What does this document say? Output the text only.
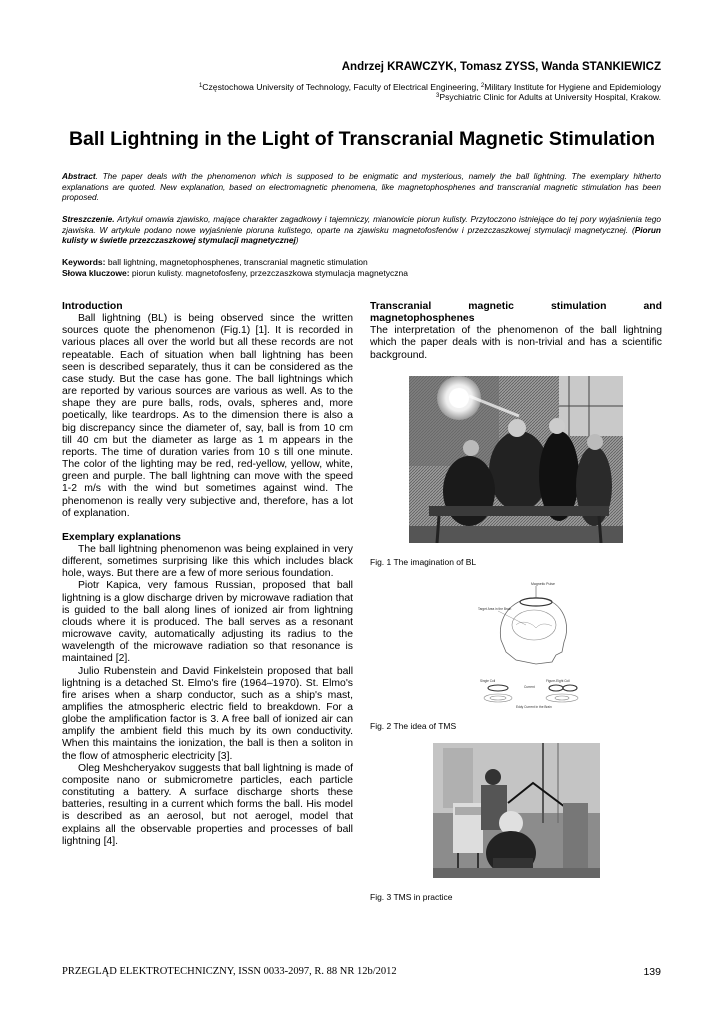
Andrzej KRAWCZYK, Tomasz ZYSS, Wanda STANKIEWICZ
$^1$Częstochowa University of Technology, Faculty of Electrical Engineering, $^2$Military Institute for Hygiene and Epidemiology
$^3$Psychiatric Clinic for Adults at University Hospital, Krakow.
Ball Lightning in the Light of Transcranial Magnetic Stimulation
Abstract. The paper deals with the phenomenon which is supposed to be enigmatic and mysterious, namely the ball lightning. The exemplary hitherto explanations are quoted. New explanation, based on electromagnetic phenomena, like magnetophosphenes and transcranial magnetic stimulation has been proposed.
Streszczenie. Artykuł omawia zjawisko, mające charakter zagadkowy i tajemniczy, mianowicie piorun kulisty. Przytoczono istniejące do tej pory wyjaśnienia tego zjawiska. W artykule podano nowe wyjaśnienie pioruna kulistego, oparte na zjawisku magnetofosfenów i przezczaszkowej stymulacji magnetycznej. (Piorun kulisty w świetle przezczaszkowej stymulacji magnetycznej)
Keywords: ball lightning, magnetophosphenes, transcranial magnetic stimulation
Słowa kluczowe: piorun kulisty. magnetofosfeny, przezczaszkowa stymulacja magnetyczna

Introduction

Ball lightning (BL) is being observed since the written sources quote the phenomenon (Fig.1) [1]. It is recorded in various places all over the world but all these records are not repeatable. Each of situation when ball lightning has been seen is described separately, thus it can be considered as the case study. But the case has gone. The ball lightnings which are reported by various sources are various as well. As to the shape they are pure balls, rods, ovals, spheres and, more poetically, like teardrops. As to the dimension there is also a big discrepancy since the diameter of, say, ball is from 10 cm till 40 cm but the diameter as large as 1 m appears in the reports. The time of duration varies from 10 s till one minute. The color of the lighting may be red, red-yellow, yellow, white, green and purple. The ball lightning can move with the speed 1-2 m/s with the wind but sometimes against wind. The phenomenon is really very subjective and, therefore, has a lot of explanation.

Exemplary explanations

The ball lightning phenomenon was being explained in very different, sometimes surprising like this which includes black hole, ways. But there are a few of more serious foundation.

Piotr Kapica, very famous Russian, proposed that ball lightning is a glow discharge driven by microwave radiation that is guided to the ball along lines of ionized air from lightning clouds where it is produced. The ball serves as a resonant microwave cavity, automatically adjusting its radius to the wavelength of the microwave radiation so that resonance is maintained [2].

Julio Rubenstein and David Finkelstein proposed that ball lightning is a detached St. Elmo's fire (1964–1970). St. Elmo's fire arises when a sharp conductor, such as a ship's mast, amplifies the atmospheric electric field to breakdown. For a globe the amplification factor is 3. A free ball of ionized air can amplify the ambient field this much by its own conductivity. When this maintains the ionization, the ball is then a soliton in the flow of atmospheric electricity [3].

Oleg Meshcheryakov suggests that ball lightning is made of composite nano or submicrometre particles, each particle constituting a battery. A surface discharge shorts these batteries, resulting in a current which forms the ball. His model is described as an aerosol, but not aerogel, model that explains all the observable properties and processes of ball lightning [4].

Transcranial magnetic stimulation and

magnetophosphenes

The interpretation of the phenomenon of the ball lightning which the paper deals with is non-trivial and has a scientific background.

Fig. 1 The imagination of BL
Magnetic Pulse
Target Area in the Brain
Single Coil	Figure-Eight Coil
Current
Eddy Current in the Brain
Fig. 2 The idea of TMS
Fig. 3 TMS in practice
PRZEGLĄD ELEKTROTECHNICZNY, ISSN 0033-2097, R. 88 NR 12b/2012	139
